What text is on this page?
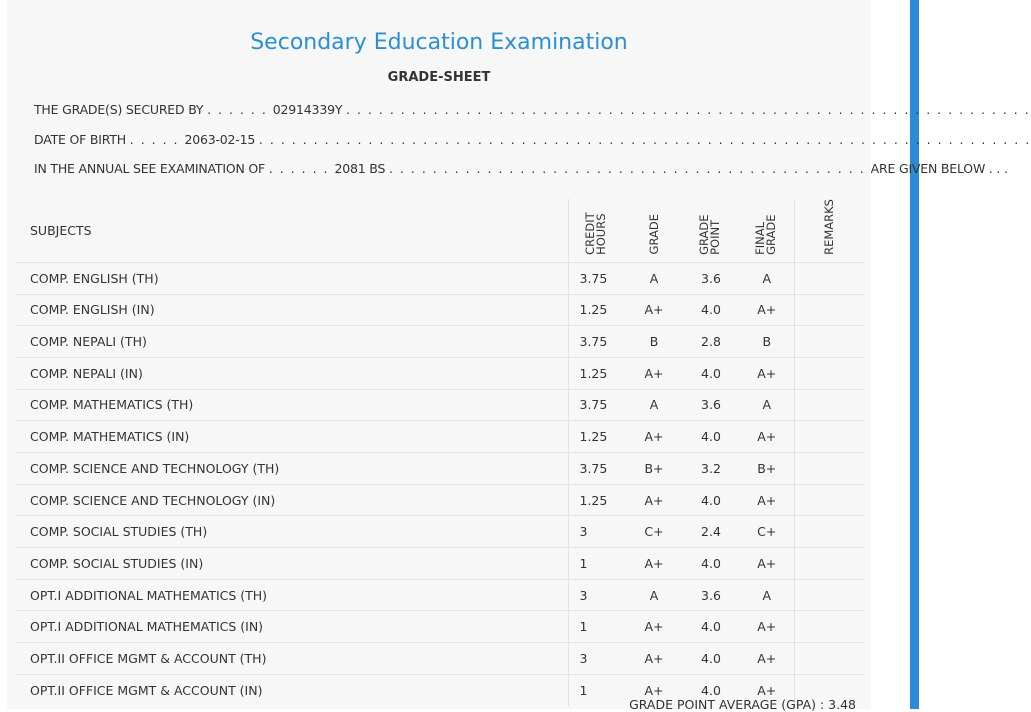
Secondary Education Examination
GRADE-SHEET
THE GRADE(S) SECURED BY . . . . . . 02914339Y . . . . . . . . . . . . . . . . . . . . . . . . . . . . . . . . . . . . . . . . . . . . . . . . . . . . . . . . . . . . . . .
DATE OF BIRTH . . . . . 2063-02-15 . . . . . . . . . . . . . . . . . . . . . . . . . . . . . . . . . . . . . . . . . . . . . . . . . . . . . . . . . . . . . . . . . . . . . . .
IN THE ANNUAL SEE EXAMINATION OF . . . . . . 2081 BS . . . . . . . . . . . . . . . . . . . . . . . . . . . . . . . . . . . . . . . . . . . . ARE GIVEN BELOW . . .
SUBJECTS	CREDIT HOURS	GRADE	GRADE POINT	FINAL GRADE	REMARKS
COMP. ENGLISH (TH)	3.75	A	3.6	A	
COMP. ENGLISH (IN)	1.25	A+	4.0	A+	
COMP. NEPALI (TH)	3.75	B	2.8	B	
COMP. NEPALI (IN)	1.25	A+	4.0	A+	
COMP. MATHEMATICS (TH)	3.75	A	3.6	A	
COMP. MATHEMATICS (IN)	1.25	A+	4.0	A+	
COMP. SCIENCE AND TECHNOLOGY (TH)	3.75	B+	3.2	B+	
COMP. SCIENCE AND TECHNOLOGY (IN)	1.25	A+	4.0	A+	
COMP. SOCIAL STUDIES (TH)	3	C+	2.4	C+	
COMP. SOCIAL STUDIES (IN)	1	A+	4.0	A+	
OPT.I ADDITIONAL MATHEMATICS (TH)	3	A	3.6	A	
OPT.I ADDITIONAL MATHEMATICS (IN)	1	A+	4.0	A+	
OPT.II OFFICE MGMT & ACCOUNT (TH)	3	A+	4.0	A+	
OPT.II OFFICE MGMT & ACCOUNT (IN)	1	A+	4.0	A+	
GRADE POINT AVERAGE (GPA) : 3.48
